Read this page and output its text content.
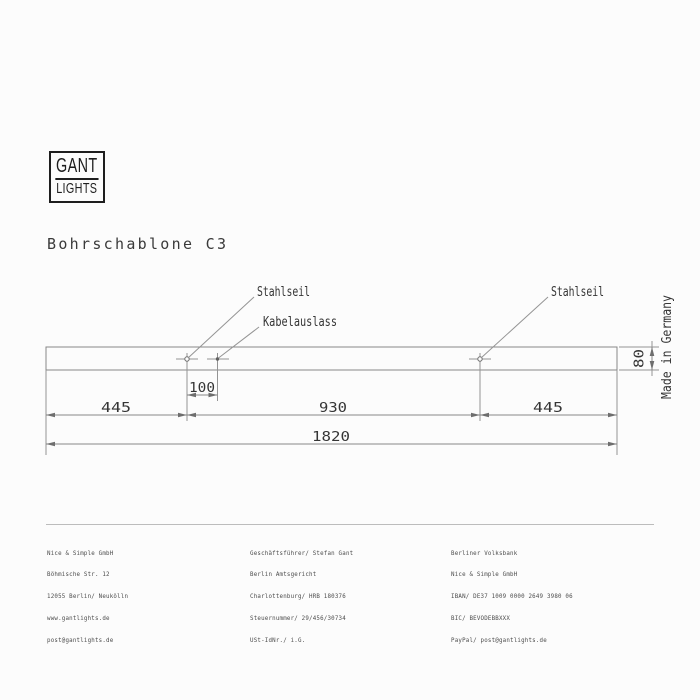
GANT
LIGHTS
Bohrschablone C3
Stahlseil
Kabelauslass
Stahlseil
100
445	930	445
1820
80 Made in Germany

Nice & Simple GmbH

Böhmische Str. 12

12055 Berlin/ Neukölln

www.gantlights.de

post@gantlights.de

Geschäftsführer/ Stefan Gant

Berlin Amtsgericht

Charlottenburg/ HRB 180376

Steuernummer/ 29/456/30734

USt-IdNr./ i.G.

Berliner Volksbank

Nice & Simple GmbH

IBAN/ DE37 1009 0000 2649 3980 06

BIC/ BEVODEBBXXX

PayPal/ post@gantlights.de
